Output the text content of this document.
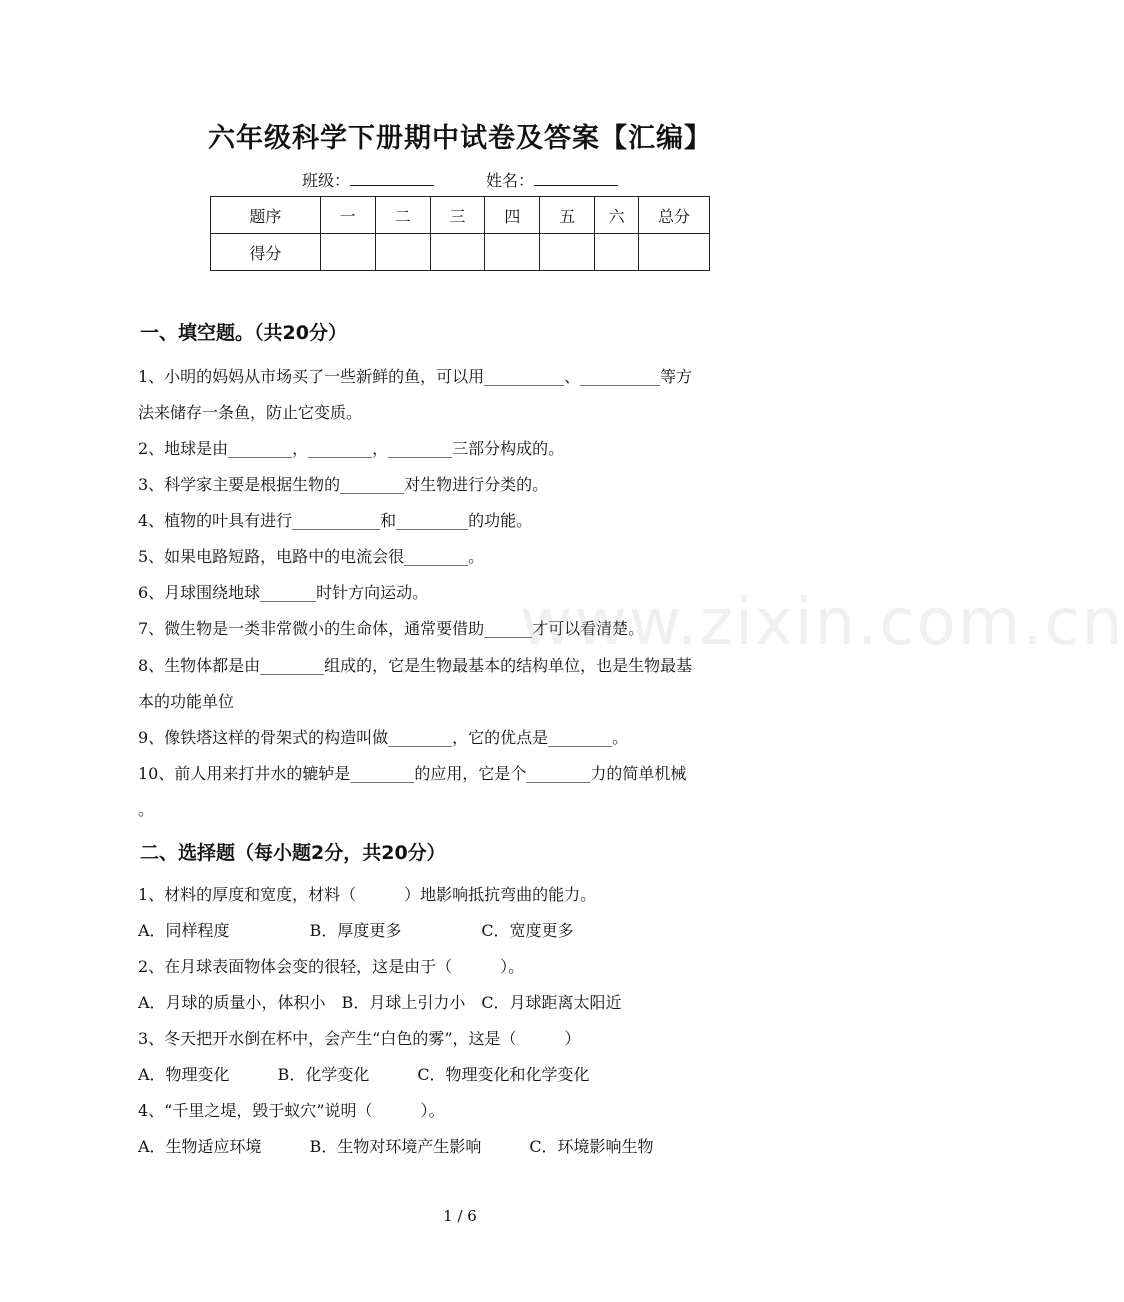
六年级科学下册期中试卷及答案【汇编】
班级：	姓名：
题序	一	二	三	四	五	六	总分
得分							
一、填空题。（共20分）
1、小明的妈妈从市场买了一些新鲜的鱼，可以用__________、__________等方
法来储存一条鱼，防止它变质。
2、地球是由________，________，________三部分构成的。
3、科学家主要是根据生物的________对生物进行分类的。
4、植物的叶具有进行___________和_________的功能。
5、如果电路短路，电路中的电流会很________。
6、月球围绕地球_______时针方向运动。
7、微生物是一类非常微小的生命体，通常要借助______才可以看清楚。
8、生物体都是由________组成的，它是生物最基本的结构单位，也是生物最基
本的功能单位
9、像铁塔这样的骨架式的构造叫做________，它的优点是________。
10、前人用来打井水的辘轳是________的应用，它是个________力的简单机械
。
二、选择题（每小题2分，共20分）
1、材料的厚度和宽度，材料（　　　）地影响抵抗弯曲的能力。
A．同样程度　　　　　B．厚度更多　　　　　C．宽度更多
2、在月球表面物体会变的很轻，这是由于（　　　）。
A．月球的质量小，体积小　B．月球上引力小　C．月球距离太阳近
3、冬天把开水倒在杯中，会产生“白色的雾”，这是（　　　）
A．物理变化　　　B．化学变化　　　C．物理变化和化学变化
4、“千里之堤，毁于蚁穴”说明（　　　）。
A．生物适应环境　　　B．生物对环境产生影响　　　C．环境影响生物
www.zixin.com.cn
1 / 6
